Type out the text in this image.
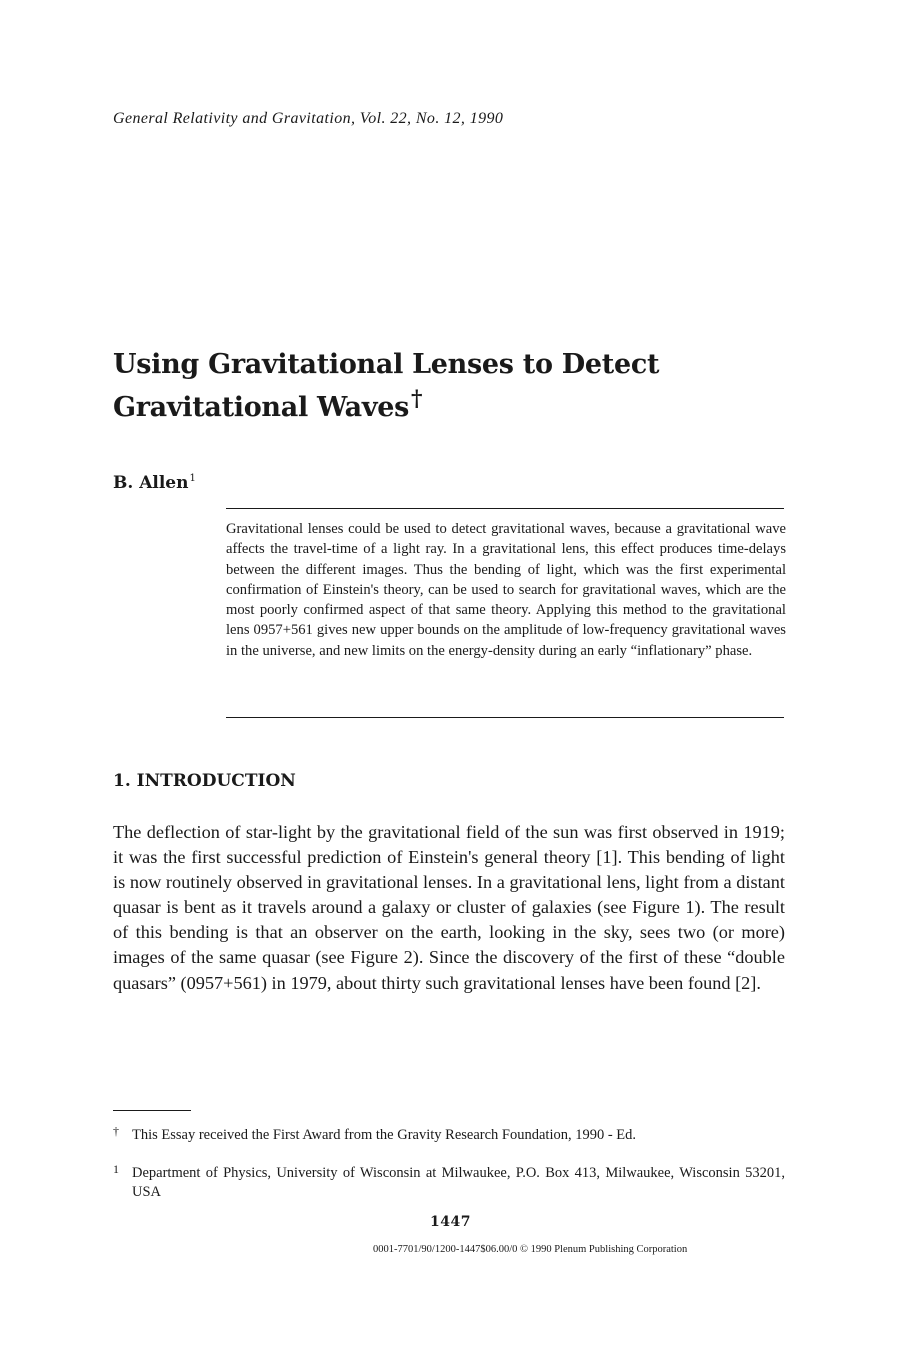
General Relativity and Gravitation, Vol. 22, No. 12, 1990
Using Gravitational Lenses to Detect Gravitational Waves†
B. Allen$^1$
Gravitational lenses could be used to detect gravitational waves, because a gravitational wave affects the travel-time of a light ray. In a gravitational lens, this effect produces time-delays between the different images. Thus the bending of light, which was the first experimental confirmation of Einstein's theory, can be used to search for gravitational waves, which are the most poorly confirmed aspect of that same theory. Applying this method to the gravitational lens 0957+561 gives new upper bounds on the amplitude of low-frequency gravitational waves in the universe, and new limits on the energy-density during an early “inflationary” phase.
1. INTRODUCTION
The deflection of star-light by the gravitational field of the sun was first observed in 1919; it was the first successful prediction of Einstein's general theory [1]. This bending of light is now routinely observed in gravitational lenses. In a gravitational lens, light from a distant quasar is bent as it travels around a galaxy or cluster of galaxies (see Figure 1). The result of this bending is that an observer on the earth, looking in the sky, sees two (or more) images of the same quasar (see Figure 2). Since the discovery of the first of these “double quasars” (0957+561) in 1979, about thirty such gravitational lenses have been found [2].
† This Essay received the First Award from the Gravity Research Foundation, 1990 - Ed.
1 Department of Physics, University of Wisconsin at Milwaukee, P.O. Box 413, Milwaukee, Wisconsin 53201, USA
1447
0001-7701/90/1200-1447$06.00/0 © 1990 Plenum Publishing Corporation
